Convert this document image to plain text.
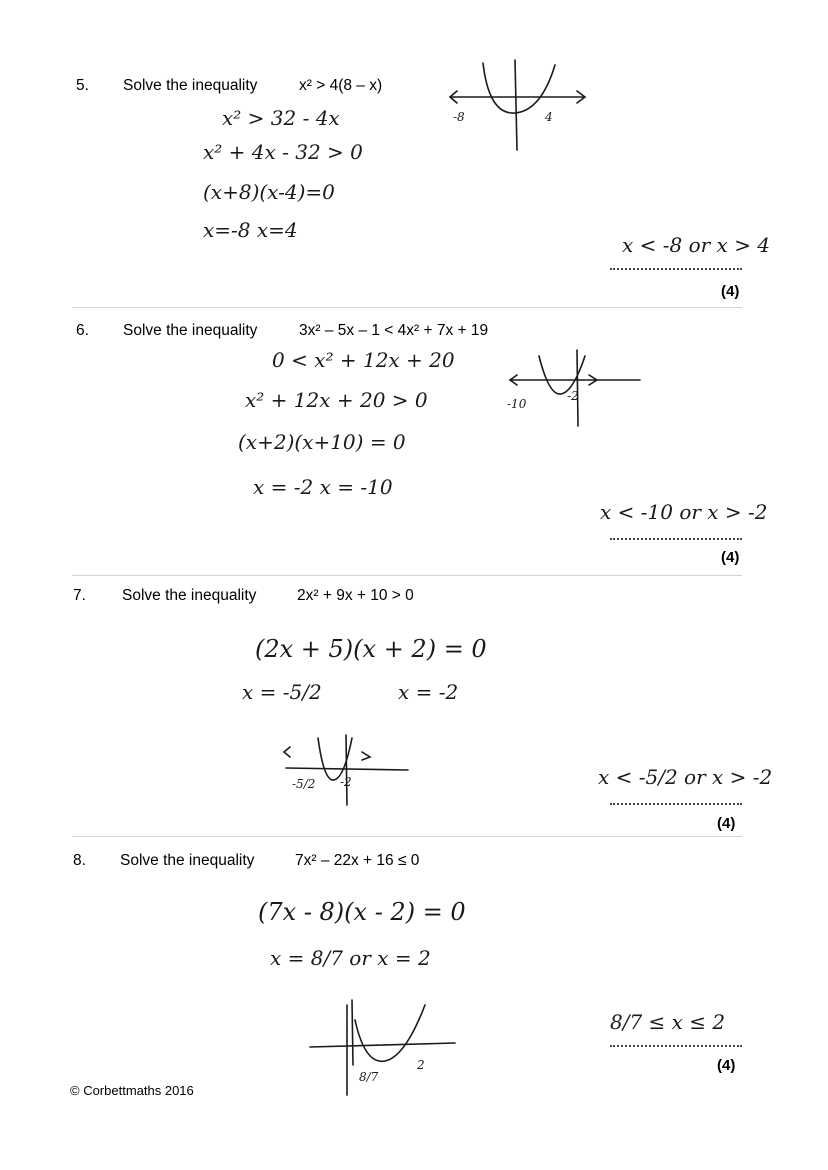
5. Solve the inequality	x² > 4(8 – x)
x² > 32 - 4x
x² + 4x - 32 > 0
(x+8)(x-4)=0
x=-8 x=4
-8	4
x < -8 or x > 4
(4)
6. Solve the inequality	3x² – 5x – 1 < 4x² + 7x + 19
0 < x² + 12x + 20
x² + 12x + 20 > 0
(x+2)(x+10) = 0
x = -2 x = -10
-10
-2
x < -10 or x > -2
(4)
7. Solve the inequality	2x² + 9x + 10 > 0
(2x + 5)(x + 2) = 0
x = -5/2	x = -2
-5/2 -2	x < -5/2 or x > -2
(4)
8. Solve the inequality	7x² – 22x + 16 ≤ 0
(7x - 8)(x - 2) = 0
x = 8/7 or x = 2
8/7
2
8/7 ≤ x ≤ 2
(4)
© Corbettmaths 2016
